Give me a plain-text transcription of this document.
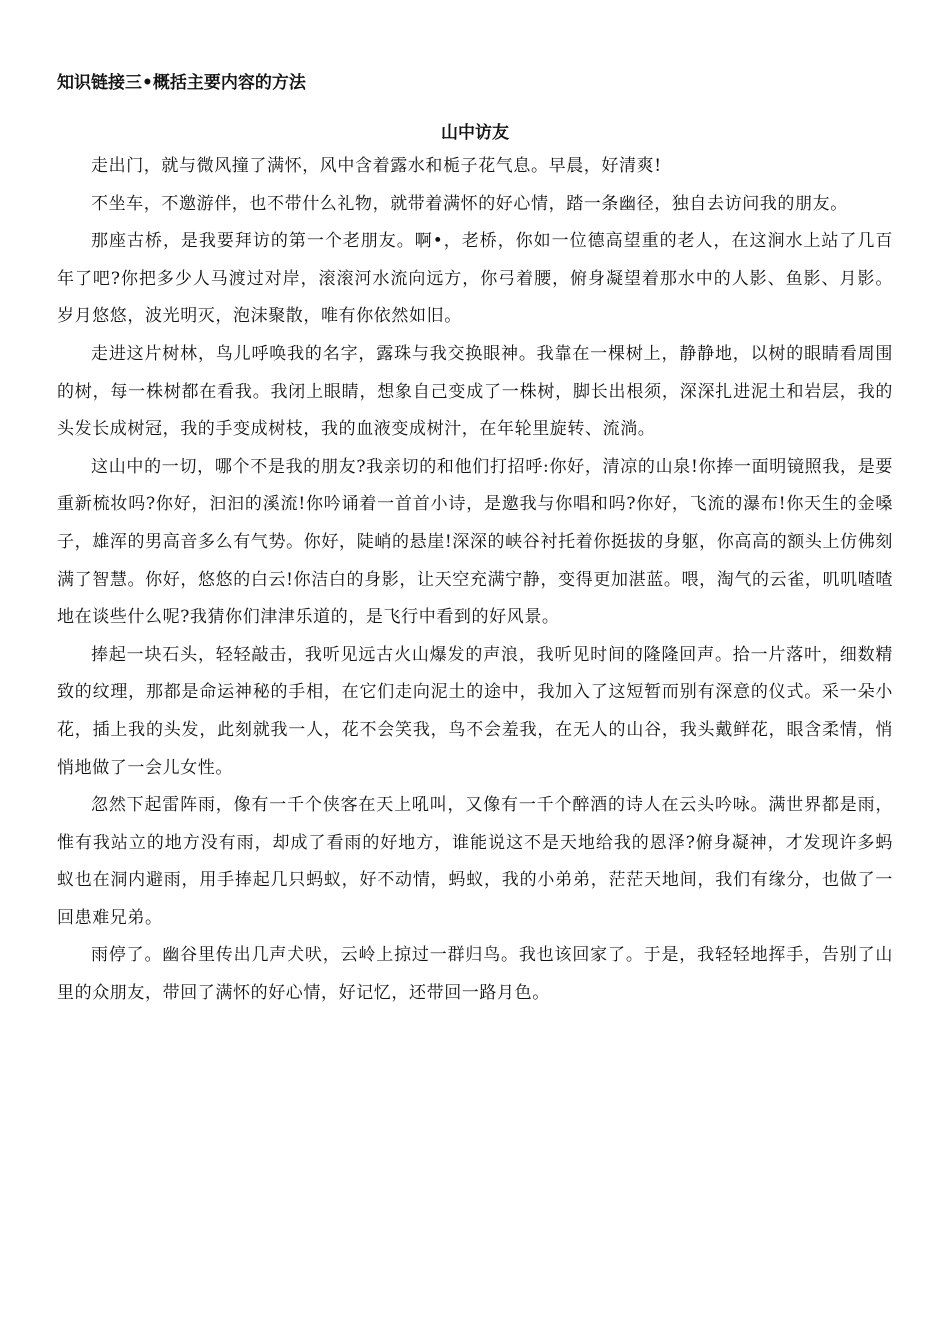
知识链接三•概括主要内容的方法
山中访友

走出门，就与微风撞了满怀，风中含着露水和栀子花气息。早晨，好清爽!

不坐车，不邀游伴，也不带什么礼物，就带着满怀的好心情，踏一条幽径，独自去访问我的朋友。

那座古桥，是我要拜访的第一个老朋友。啊•，老桥，你如一位德高望重的老人，在这涧水上站了几百年了吧?你把多少人马渡过对岸，滚滚河水流向远方，你弓着腰，俯身凝望着那水中的人影、鱼影、月影。岁月悠悠，波光明灭，泡沫聚散，唯有你依然如旧。

走进这片树林，鸟儿呼唤我的名字，露珠与我交换眼神。我靠在一棵树上，静静地，以树的眼睛看周围的树，每一株树都在看我。我闭上眼睛，想象自己变成了一株树，脚长出根须，深深扎进泥土和岩层，我的头发长成树冠，我的手变成树枝，我的血液变成树汁，在年轮里旋转、流淌。

这山中的一切，哪个不是我的朋友?我亲切的和他们打招呼:你好，清凉的山泉!你捧一面明镜照我，是要重新梳妆吗?你好，汩汩的溪流!你吟诵着一首首小诗，是邀我与你唱和吗?你好，飞流的瀑布!你天生的金嗓子，雄浑的男高音多么有气势。你好，陡峭的悬崖!深深的峡谷衬托着你挺拔的身躯，你高高的额头上仿佛刻满了智慧。你好，悠悠的白云!你洁白的身影，让天空充满宁静，变得更加湛蓝。喂，淘气的云雀，叽叽喳喳地在谈些什么呢?我猜你们津津乐道的，是飞行中看到的好风景。

捧起一块石头，轻轻敲击，我听见远古火山爆发的声浪，我听见时间的隆隆回声。拾一片落叶，细数精致的纹理，那都是命运神秘的手相，在它们走向泥土的途中，我加入了这短暂而别有深意的仪式。采一朵小花，插上我的头发，此刻就我一人，花不会笑我，鸟不会羞我，在无人的山谷，我头戴鲜花，眼含柔情，悄悄地做了一会儿女性。

忽然下起雷阵雨，像有一千个侠客在天上吼叫，又像有一千个醉酒的诗人在云头吟咏。满世界都是雨，惟有我站立的地方没有雨，却成了看雨的好地方，谁能说这不是天地给我的恩泽?俯身凝神，才发现许多蚂蚁也在洞内避雨，用手捧起几只蚂蚁，好不动情，蚂蚁，我的小弟弟，茫茫天地间，我们有缘分，也做了一回患难兄弟。

雨停了。幽谷里传出几声犬吠，云岭上掠过一群归鸟。我也该回家了。于是，我轻轻地挥手，告别了山里的众朋友，带回了满怀的好心情，好记忆，还带回一路月色。
